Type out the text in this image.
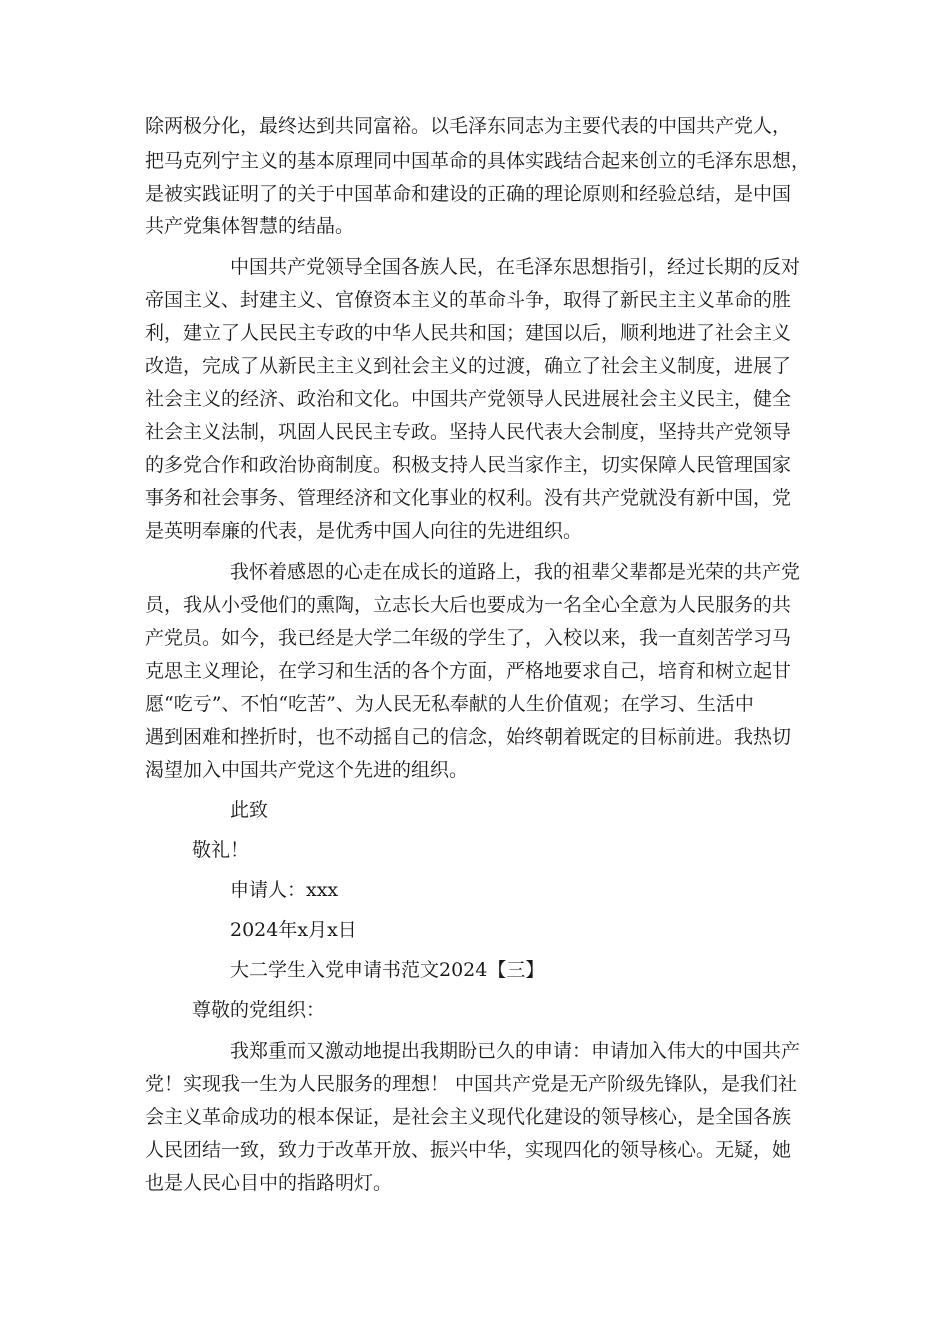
除两极分化，最终达到共同富裕。以毛泽东同志为主要代表的中国共产党人，
把马克列宁主义的基本原理同中国革命的具体实践结合起来创立的毛泽东思想，
是被实践证明了的关于中国革命和建设的正确的理论原则和经验总结，是中国
共产党集体智慧的结晶。
中国共产党领导全国各族人民，在毛泽东思想指引，经过长期的反对
帝国主义、封建主义、官僚资本主义的革命斗争，取得了新民主主义革命的胜
利，建立了人民民主专政的中华人民共和国；建国以后，顺利地进了社会主义
改造，完成了从新民主主义到社会主义的过渡，确立了社会主义制度，进展了
社会主义的经济、政治和文化。中国共产党领导人民进展社会主义民主，健全
社会主义法制，巩固人民民主专政。坚持人民代表大会制度，坚持共产党领导
的多党合作和政治协商制度。积极支持人民当家作主，切实保障人民管理国家
事务和社会事务、管理经济和文化事业的权利。没有共产党就没有新中国，党
是英明奉廉的代表，是优秀中国人向往的先进组织。
我怀着感恩的心走在成长的道路上，我的祖辈父辈都是光荣的共产党
员，我从小受他们的熏陶，立志长大后也要成为一名全心全意为人民服务的共
产党员。如今，我已经是大学二年级的学生了，入校以来，我一直刻苦学习马
克思主义理论，在学习和生活的各个方面，严格地要求自己，培育和树立起甘
愿“吃亏”、不怕“吃苦”、为人民无私奉献的人生价值观；在学习、生活中
遇到困难和挫折时，也不动摇自己的信念，始终朝着既定的目标前进。我热切
渴望加入中国共产党这个先进的组织。
此致
敬礼！
申请人：xxx
2024年x月x日
大二学生入党申请书范文2024【三】
尊敬的党组织：
我郑重而又激动地提出我期盼已久的申请：申请加入伟大的中国共产
党！实现我一生为人民服务的理想！ 中国共产党是无产阶级先锋队，是我们社
会主义革命成功的根本保证，是社会主义现代化建设的领导核心，是全国各族
人民团结一致，致力于改革开放、振兴中华，实现四化的领导核心。无疑，她
也是人民心目中的指路明灯。
